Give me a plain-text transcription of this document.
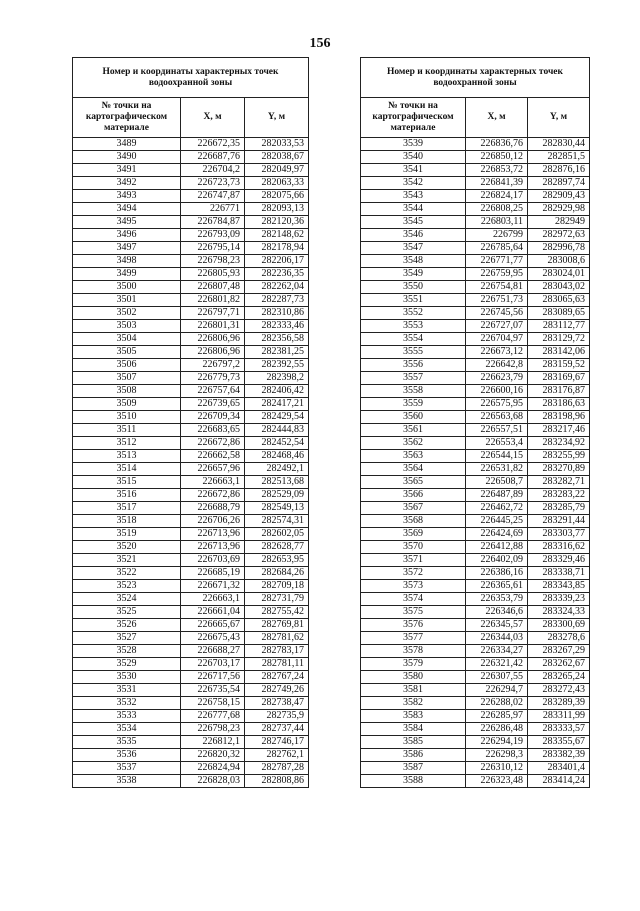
156
Номер и координаты характерных точек водоохранной зоны		
№ точки на картографическом материале	X, м	Y, м
3489	226672,35	282033,53
3490	226687,76	282038,67
3491	226704,2	282049,97
3492	226723,73	282063,33
3493	226747,87	282075,66
3494	226771	282093,13
3495	226784,87	282120,36
3496	226793,09	282148,62
3497	226795,14	282178,94
3498	226798,23	282206,17
3499	226805,93	282236,35
3500	226807,48	282262,04
3501	226801,82	282287,73
3502	226797,71	282310,86
3503	226801,31	282333,46
3504	226806,96	282356,58
3505	226806,96	282381,25
3506	226797,2	282392,55
3507	226779,73	282398,2
3508	226757,64	282406,42
3509	226739,65	282417,21
3510	226709,34	282429,54
3511	226683,65	282444,83
3512	226672,86	282452,54
3513	226662,58	282468,46
3514	226657,96	282492,1
3515	226663,1	282513,68
3516	226672,86	282529,09
3517	226688,79	282549,13
3518	226706,26	282574,31
3519	226713,96	282602,05
3520	226713,96	282628,77
3521	226703,69	282653,95
3522	226685,19	282684,26
3523	226671,32	282709,18
3524	226663,1	282731,79
3525	226661,04	282755,42
3526	226665,67	282769,81
3527	226675,43	282781,62
3528	226688,27	282783,17
3529	226703,17	282781,11
3530	226717,56	282767,24
3531	226735,54	282749,26
3532	226758,15	282738,47
3533	226777,68	282735,9
3534	226798,23	282737,44
3535	226812,1	282746,17
3536	226820,32	282762,1
3537	226824,94	282787,28
3538	226828,03	282808,86
Номер и координаты характерных точек водоохранной зоны		
№ точки на картографическом материале	X, м	Y, м
3539	226836,76	282830,44
3540	226850,12	282851,5
3541	226853,72	282876,16
3542	226841,39	282897,74
3543	226824,17	282909,43
3544	226808,25	282929,98
3545	226803,11	282949
3546	226799	282972,63
3547	226785,64	282996,78
3548	226771,77	283008,6
3549	226759,95	283024,01
3550	226754,81	283043,02
3551	226751,73	283065,63
3552	226745,56	283089,65
3553	226727,07	283112,77
3554	226704,97	283129,72
3555	226673,12	283142,06
3556	226642,8	283159,52
3557	226623,79	283169,67
3558	226600,16	283176,87
3559	226575,95	283186,63
3560	226563,68	283198,96
3561	226557,51	283217,46
3562	226553,4	283234,92
3563	226544,15	283255,99
3564	226531,82	283270,89
3565	226508,7	283282,71
3566	226487,89	283283,22
3567	226462,72	283285,79
3568	226445,25	283291,44
3569	226424,69	283303,77
3570	226412,88	283316,62
3571	226402,09	283329,46
3572	226386,16	283338,71
3573	226365,61	283343,85
3574	226353,79	283339,23
3575	226346,6	283324,33
3576	226345,57	283300,69
3577	226344,03	283278,6
3578	226334,27	283267,29
3579	226321,42	283262,67
3580	226307,55	283265,24
3581	226294,7	283272,43
3582	226288,02	283289,39
3583	226285,97	283311,99
3584	226286,48	283333,57
3585	226294,19	283355,67
3586	226298,3	283382,39
3587	226310,12	283401,4
3588	226323,48	283414,24
